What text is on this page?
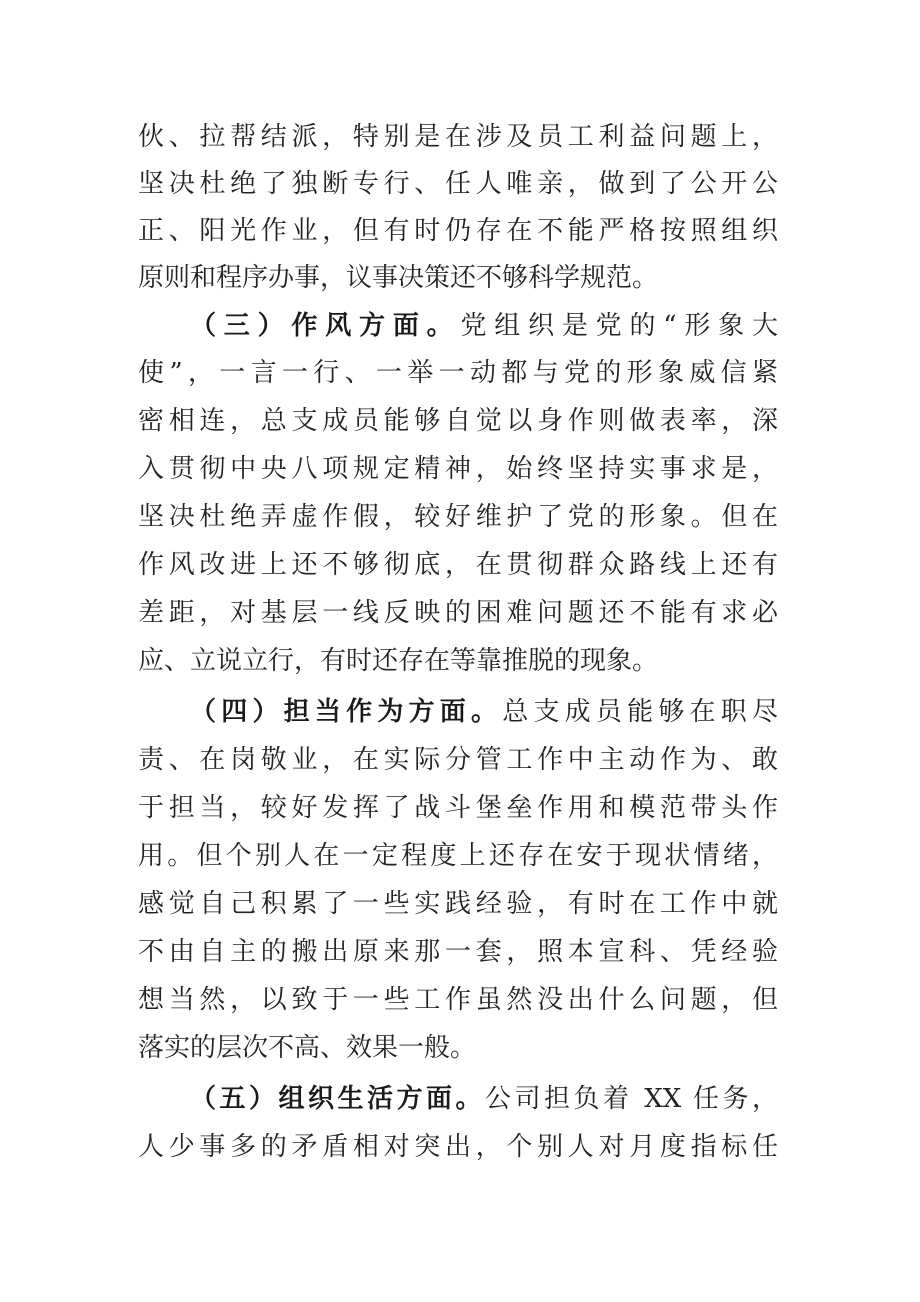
伙、拉帮结派，特别是在涉及员工利益问题上，
坚决杜绝了独断专行、任人唯亲，做到了公开公
正、阳光作业，但有时仍存在不能严格按照组织
原则和程序办事，议事决策还不够科学规范。
（三）作风方面。党组织是党的“形象大
使”，一言一行、一举一动都与党的形象威信紧
密相连，总支成员能够自觉以身作则做表率，深
入贯彻中央八项规定精神，始终坚持实事求是，
坚决杜绝弄虚作假，较好维护了党的形象。但在
作风改进上还不够彻底，在贯彻群众路线上还有
差距，对基层一线反映的困难问题还不能有求必
应、立说立行，有时还存在等靠推脱的现象。
（四）担当作为方面。总支成员能够在职尽
责、在岗敬业，在实际分管工作中主动作为、敢
于担当，较好发挥了战斗堡垒作用和模范带头作
用。但个别人在一定程度上还存在安于现状情绪，
感觉自己积累了一些实践经验，有时在工作中就
不由自主的搬出原来那一套，照本宣科、凭经验
想当然，以致于一些工作虽然没出什么问题，但
落实的层次不高、效果一般。
（五）组织生活方面。公司担负着 XX 任务，
人少事多的矛盾相对突出，个别人对月度指标任
